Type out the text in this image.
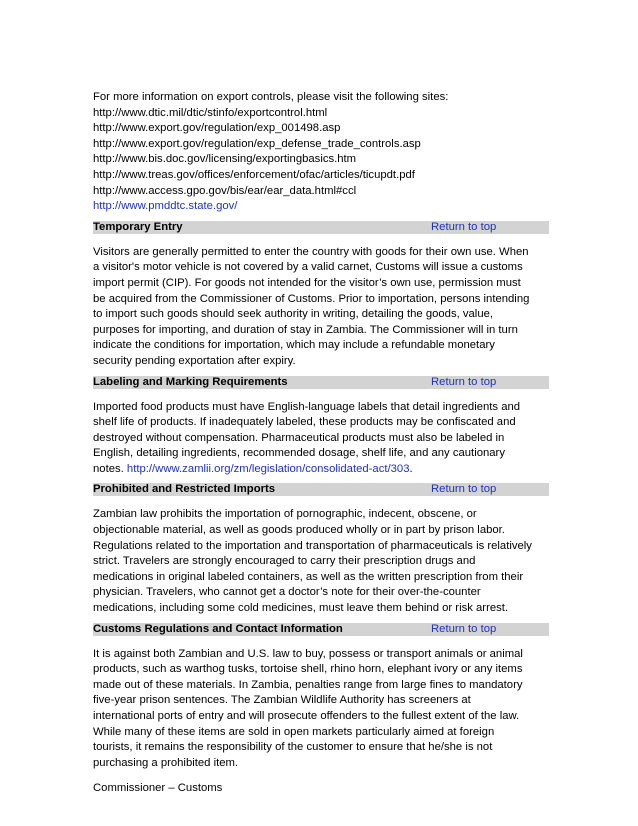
For more information on export controls, please visit the following sites:
http://www.dtic.mil/dtic/stinfo/exportcontrol.html
http://www.export.gov/regulation/exp_001498.asp
http://www.export.gov/regulation/exp_defense_trade_controls.asp
http://www.bis.doc.gov/licensing/exportingbasics.htm
http://www.treas.gov/offices/enforcement/ofac/articles/ticupdt.pdf
http://www.access.gpo.gov/bis/ear/ear_data.html#ccl
http://www.pmddtc.state.gov/
Temporary Entry	Return to top
Visitors are generally permitted to enter the country with goods for their own use. When
a visitor's motor vehicle is not covered by a valid carnet, Customs will issue a customs
import permit (CIP). For goods not intended for the visitor’s own use, permission must
be acquired from the Commissioner of Customs. Prior to importation, persons intending
to import such goods should seek authority in writing, detailing the goods, value,
purposes for importing, and duration of stay in Zambia. The Commissioner will in turn
indicate the conditions for importation, which may include a refundable monetary
security pending exportation after expiry.
Labeling and Marking Requirements	Return to top
Imported food products must have English-language labels that detail ingredients and
shelf life of products. If inadequately labeled, these products may be confiscated and
destroyed without compensation. Pharmaceutical products must also be labeled in
English, detailing ingredients, recommended dosage, shelf life, and any cautionary
notes. http://www.zamlii.org/zm/legislation/consolidated-act/303.
Prohibited and Restricted Imports	Return to top
Zambian law prohibits the importation of pornographic, indecent, obscene, or
objectionable material, as well as goods produced wholly or in part by prison labor.
Regulations related to the importation and transportation of pharmaceuticals is relatively
strict. Travelers are strongly encouraged to carry their prescription drugs and
medications in original labeled containers, as well as the written prescription from their
physician. Travelers, who cannot get a doctor’s note for their over-the-counter
medications, including some cold medicines, must leave them behind or risk arrest.
Customs Regulations and Contact Information	Return to top
It is against both Zambian and U.S. law to buy, possess or transport animals or animal
products, such as warthog tusks, tortoise shell, rhino horn, elephant ivory or any items
made out of these materials. In Zambia, penalties range from large fines to mandatory
five-year prison sentences. The Zambian Wildlife Authority has screeners at
international ports of entry and will prosecute offenders to the fullest extent of the law.
While many of these items are sold in open markets particularly aimed at foreign
tourists, it remains the responsibility of the customer to ensure that he/she is not
purchasing a prohibited item.
Commissioner – Customs
